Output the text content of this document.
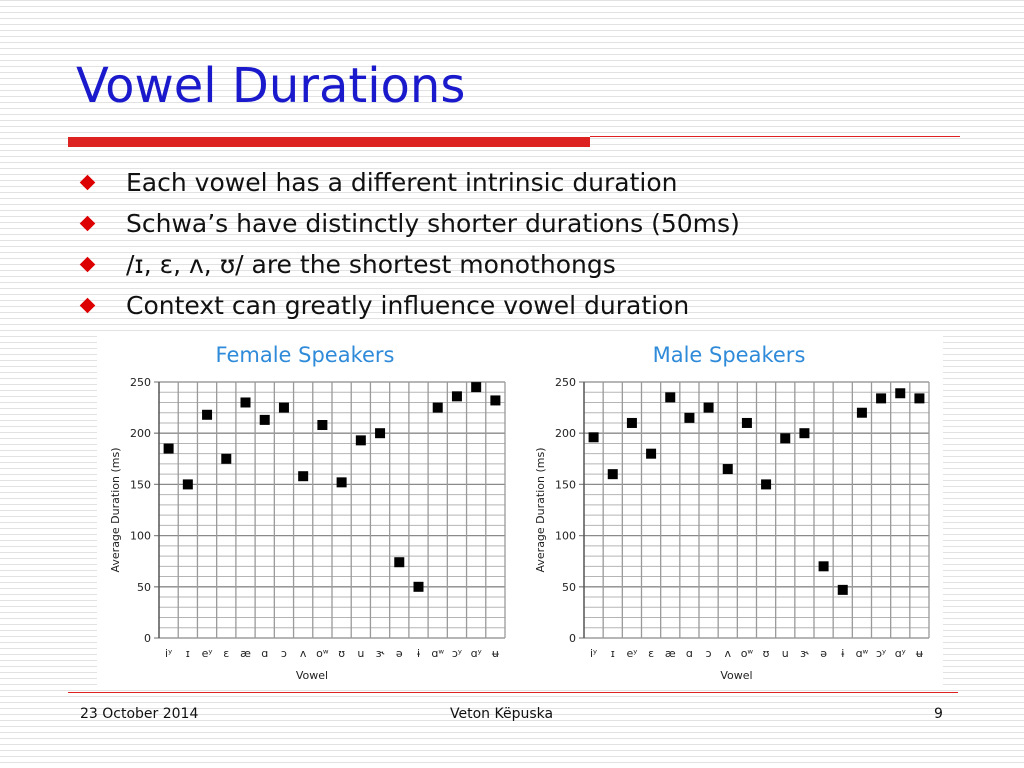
Vowel Durations
Each vowel has a different intrinsic duration
Schwa’s have distinctly shorter durations (50ms)
/ɪ, ɛ, ʌ, ʊ/ are the shortest monothongs
Context can greatly influence vowel duration
Female Speakers
0
50
100
150
200
250
iʸ ɪ eʸ ɛ æ ɑ ɔ ʌ oʷ ʊ u ɝ ə ɨ ɑʷ ɔʸ ɑʸ ʉ
Vowel
Average Duration (ms)
Male Speakers
0
50
100
150
200
250
iʸ ɪ eʸ ɛ æ ɑ ɔ ʌ oʷ ʊ u ɝ ə ɨ ɑʷ ɔʸ ɑʸ ʉ
Vowel
Average Duration (ms)
23 October 2014	Veton Këpuska	9
